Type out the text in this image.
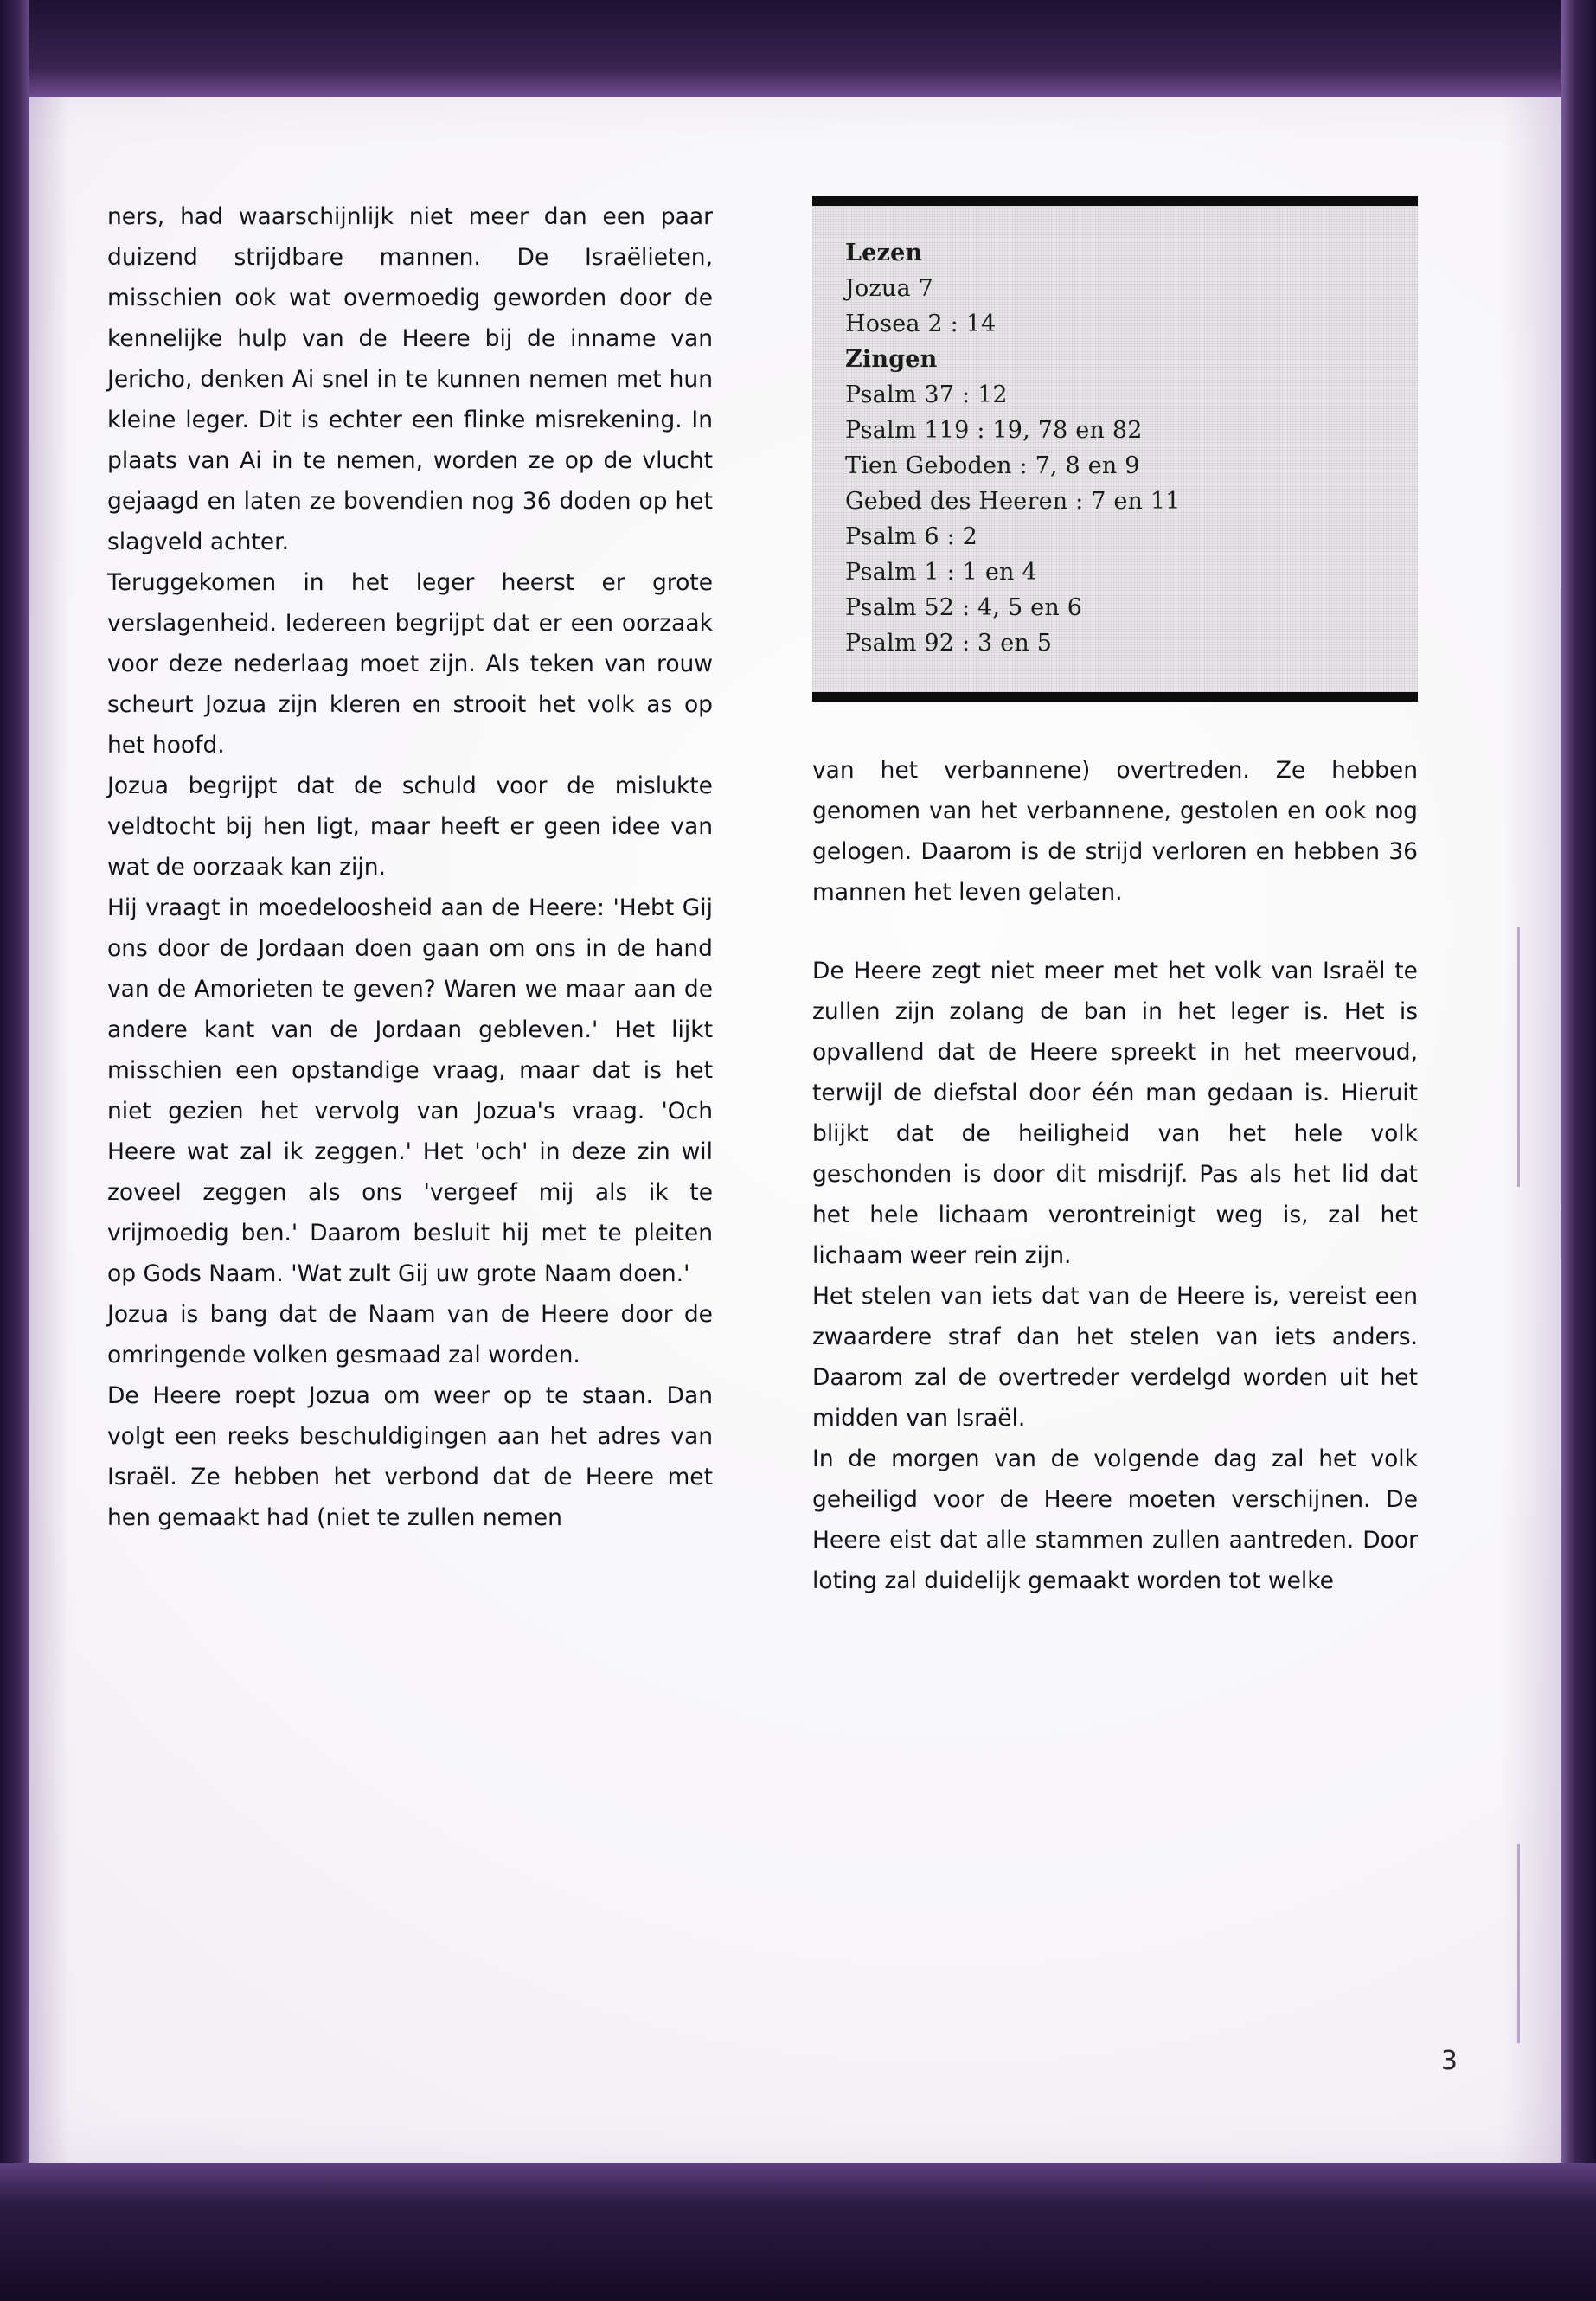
ners, had waarschijnlijk niet meer dan een paar duizend strijdbare mannen. De Israëlieten, misschien ook wat overmoedig geworden door de kennelijke hulp van de Heere bij de inname van Jericho, denken Ai snel in te kunnen nemen met hun kleine leger. Dit is echter een flinke misrekening. In plaats van Ai in te nemen, worden ze op de vlucht gejaagd en laten ze bovendien nog 36 doden op het slagveld achter.

Teruggekomen in het leger heerst er grote verslagenheid. Iedereen begrijpt dat er een oorzaak voor deze nederlaag moet zijn. Als teken van rouw scheurt Jozua zijn kleren en strooit het volk as op het hoofd.

Jozua begrijpt dat de schuld voor de mislukte veldtocht bij hen ligt, maar heeft er geen idee van wat de oorzaak kan zijn.

Hij vraagt in moedeloosheid aan de Heere: 'Hebt Gij ons door de Jordaan doen gaan om ons in de hand van de Amorieten te geven? Waren we maar aan de andere kant van de Jordaan gebleven.' Het lijkt misschien een opstandige vraag, maar dat is het niet gezien het vervolg van Jozua's vraag. 'Och Heere wat zal ik zeggen.' Het 'och' in deze zin wil zoveel zeggen als ons 'vergeef mij als ik te vrijmoedig ben.' Daarom besluit hij met te pleiten op Gods Naam. 'Wat zult Gij uw grote Naam doen.'

Jozua is bang dat de Naam van de Heere door de omringende volken gesmaad zal worden.

De Heere roept Jozua om weer op te staan. Dan volgt een reeks beschuldigingen aan het adres van Israël. Ze hebben het verbond dat de Heere met hen gemaakt had (niet te zullen nemen

Lezen
Jozua 7
Hosea 2 : 14
Zingen
Psalm 37 : 12
Psalm 119 : 19, 78 en 82
Tien Geboden : 7, 8 en 9
Gebed des Heeren : 7 en 11
Psalm 6 : 2
Psalm 1 : 1 en 4
Psalm 52 : 4, 5 en 6
Psalm 92 : 3 en 5

van het verbannene) overtreden. Ze hebben genomen van het verbannene, gestolen en ook nog gelogen. Daarom is de strijd verloren en hebben 36 mannen het leven gelaten.

De Heere zegt niet meer met het volk van Israël te zullen zijn zolang de ban in het leger is. Het is opvallend dat de Heere spreekt in het meervoud, terwijl de diefstal door één man gedaan is. Hieruit blijkt dat de heiligheid van het hele volk geschonden is door dit misdrijf. Pas als het lid dat het hele lichaam verontreinigt weg is, zal het lichaam weer rein zijn.

Het stelen van iets dat van de Heere is, vereist een zwaardere straf dan het stelen van iets anders. Daarom zal de overtreder verdelgd worden uit het midden van Israël.

In de morgen van de volgende dag zal het volk geheiligd voor de Heere moeten verschijnen. De Heere eist dat alle stammen zullen aantreden. Door loting zal duidelijk gemaakt worden tot welke

3
